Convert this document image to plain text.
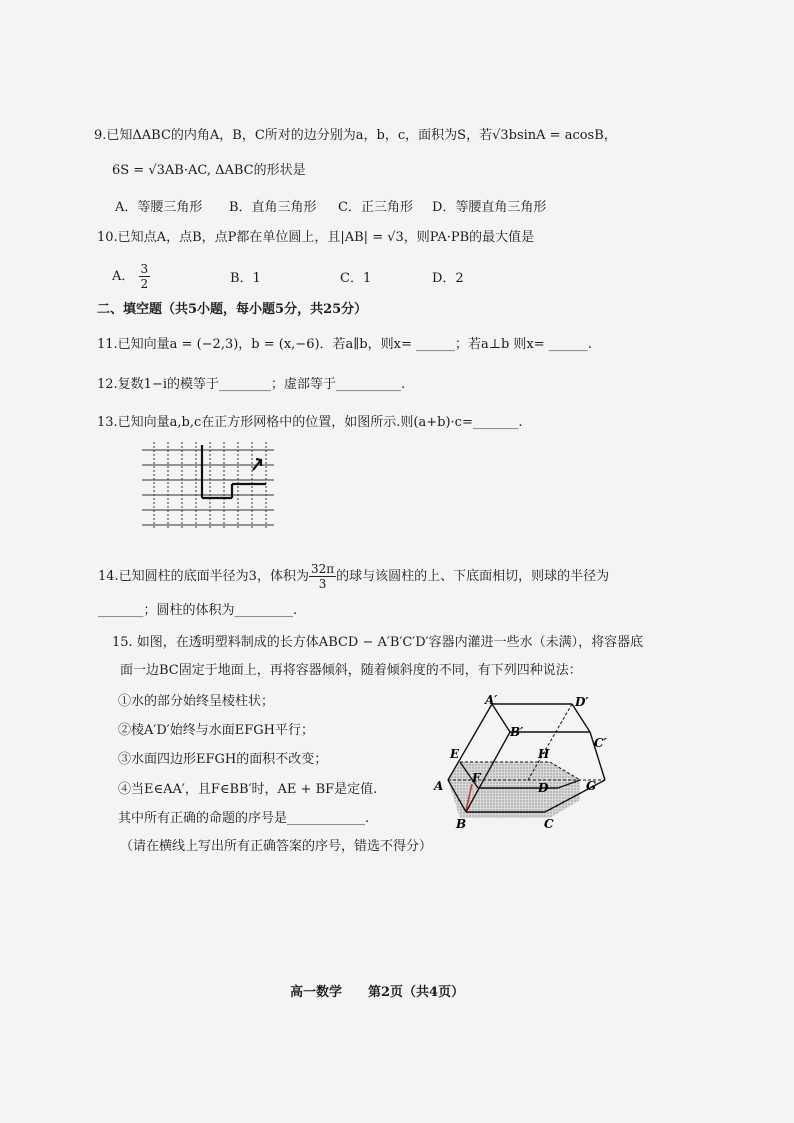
9.已知ΔABC的内角A，B，C所对的边分别为a，b，c，面积为S，若√3bsinA = acosB，
6S = √3AB·AC, ΔABC的形状是
A．等腰三角形 B．直角三角形 C．正三角形 D．等腰直角三角形
10.已知点A，点B，点P都在单位圆上，且|AB| = √3，则PA·PB的最大值是
A． $\frac{3}{2}$	B．1	C．1	D．2
二、填空题（共5小题，每小题5分，共25分）
11.已知向量a = (−2,3)，b = (x,−6)．若a∥b，则x= ______；若a⊥b 则x= ______.
12.复数1−i的模等于________；虚部等于__________.
13.已知向量a,b,c在正方形网格中的位置，如图所示.则(a+b)·c=_______.
14.已知圆柱的底面半径为3，体积为 $\frac{32\pi}{3}$ 的球与该圆柱的上、下底面相切，则球的半径为
_______；圆柱的体积为_________.
15. 如图，在透明塑料制成的长方体ABCD − A′B′C′D′容器内灌进一些水（未满），将容器底
面一边BC固定于地面上，再将容器倾斜，随着倾斜度的不同，有下列四种说法：
①水的部分始终呈棱柱状；
②棱A′D′始终与水面EFGH平行；
③水面四边形EFGH的面积不改变；
④当E∈AA′，且F∈BB′时，AE + BF是定值.
其中所有正确的命题的序号是____________.
（请在横线上写出所有正确答案的序号，错选不得分）
A′	D′
B′
C′
E	H
F
G
A	D
B	C
高一数学　　第2页（共4页）
